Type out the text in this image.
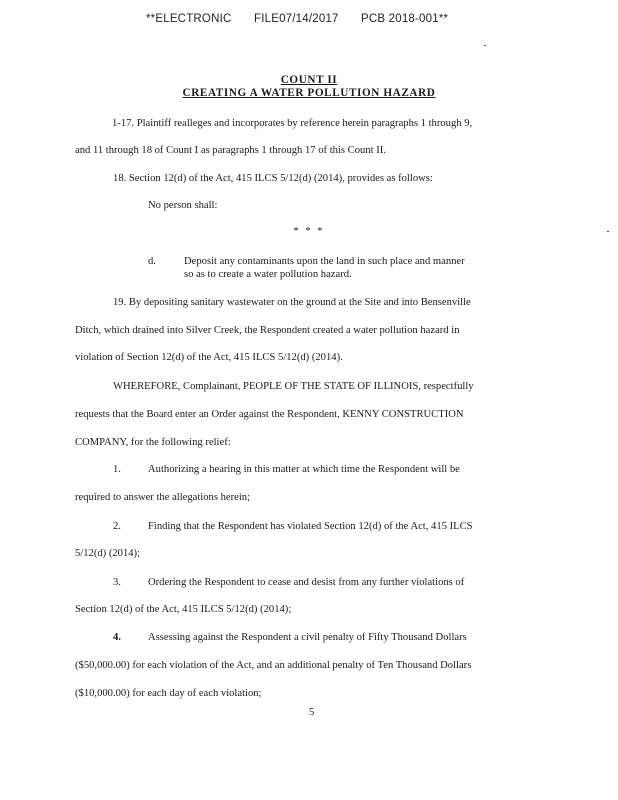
**ELECTRONIC FILE07/14/2017 PCB 2018-001**
COUNT II
CREATING A WATER POLLUTION HAZARD
1-17. Plaintiff realleges and incorporates by reference herein paragraphs 1 through 9,
and 11 through 18 of Count I as paragraphs 1 through 17 of this Count II.
18. Section 12(d) of the Act, 415 ILCS 5/12(d) (2014), provides as follows:
No person shall:
* * *
d.	Deposit any contaminants upon the land in such place and manner
so as to create a water pollution hazard.
19. By depositing sanitary wastewater on the ground at the Site and into Bensenville
Ditch, which drained into Silver Creek, the Respondent created a water pollution hazard in
violation of Section 12(d) of the Act, 415 ILCS 5/12(d) (2014).
WHEREFORE, Complainant, PEOPLE OF THE STATE OF ILLINOIS, respectfully
requests that the Board enter an Order against the Respondent, KENNY CONSTRUCTION
COMPANY, for the following relief:
1.	Authorizing a hearing in this matter at which time the Respondent will be
required to answer the allegations herein;
2.	Finding that the Respondent has violated Section 12(d) of the Act, 415 ILCS
5/12(d) (2014);
3.	Ordering the Respondent to cease and desist from any further violations of
Section 12(d) of the Act, 415 ILCS 5/12(d) (2014);
4.	Assessing against the Respondent a civil penalty of Fifty Thousand Dollars
($50,000.00) for each violation of the Act, and an additional penalty of Ten Thousand Dollars
($10,000.00) for each day of each violation;
5
